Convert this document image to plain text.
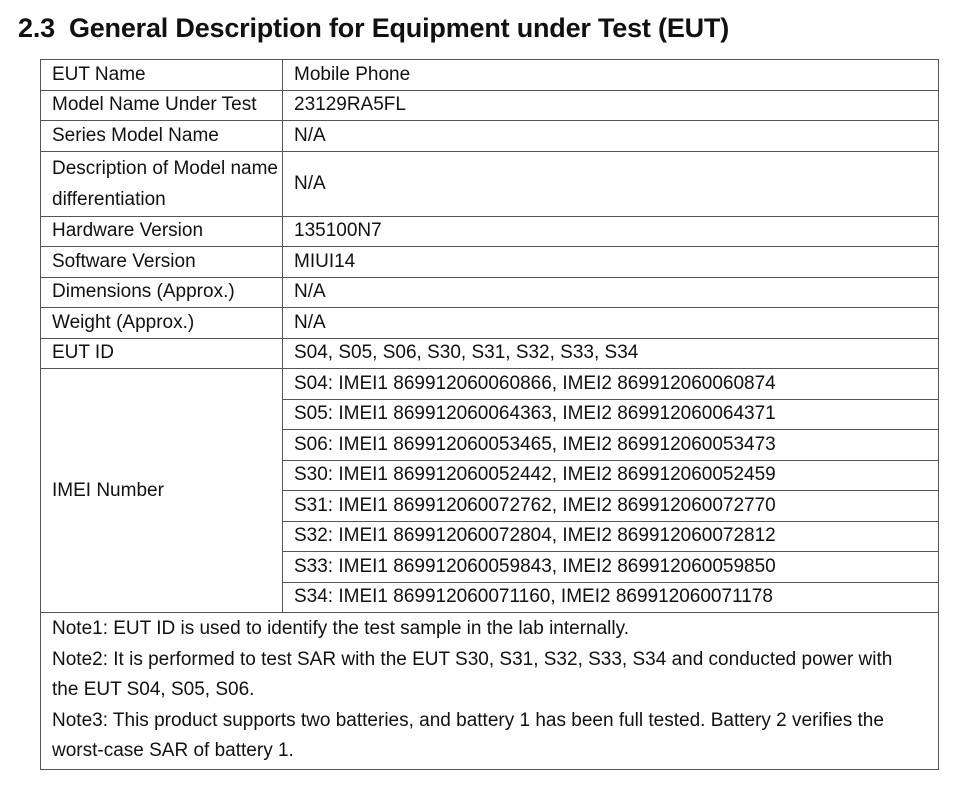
2.3 General Description for Equipment under Test (EUT)
EUT Name	Mobile Phone
Model Name Under Test	23129RA5FL
Series Model Name	N/A
Description of Model name differentiation	N/A
Hardware Version	135100N7
Software Version	MIUI14
Dimensions (Approx.)	N/A
Weight (Approx.)	N/A
EUT ID	S04, S05, S06, S30, S31, S32, S33, S34
IMEI Number	S04: IMEI1 869912060060866, IMEI2 869912060060874
	S05: IMEI1 869912060064363, IMEI2 869912060064371
	S06: IMEI1 869912060053465, IMEI2 869912060053473
	S30: IMEI1 869912060052442, IMEI2 869912060052459
	S31: IMEI1 869912060072762, IMEI2 869912060072770
	S32: IMEI1 869912060072804, IMEI2 869912060072812
	S33: IMEI1 869912060059843, IMEI2 869912060059850
	S34: IMEI1 869912060071160, IMEI2 869912060071178

Note1: EUT ID is used to identify the test sample in the lab internally.
Note2: It is performed to test SAR with the EUT S30, S31, S32, S33, S34 and conducted power with the EUT S04, S05, S06.
Note3: This product supports two batteries, and battery 1 has been full tested. Battery 2 verifies the worst-case SAR of battery 1.	
